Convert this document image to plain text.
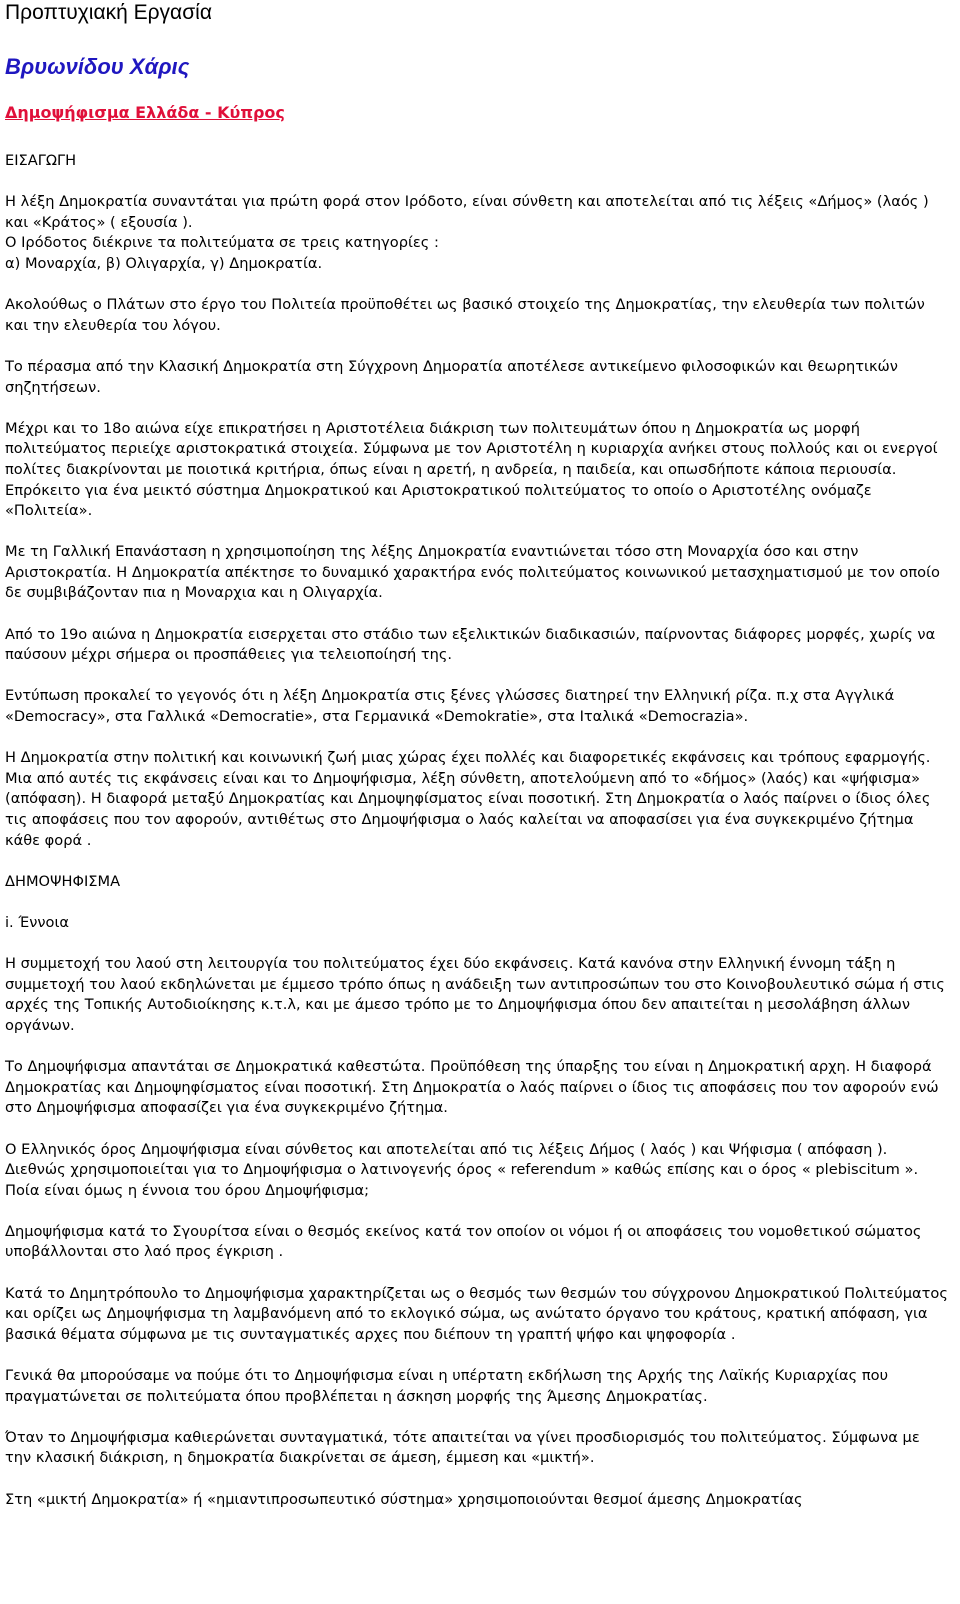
Προπτυχιακή Εργασία
Βρυωνίδου Χάρις
Δημοψήφισμα Ελλάδα - Κύπρος

ΕΙΣΑΓΩΓΗ

Η λέξη Δημοκρατία συναντάται για πρώτη φορά στον Ιρόδοτο, είναι σύνθετη και αποτελείται από τις λέξεις «Δήμος» (λαός ) και «Κράτος» ( εξουσία ).
Ο Ιρόδοτος διέκρινε τα πολιτεύματα σε τρεις κατηγορίες :
α) Μοναρχία, β) Ολιγαρχία, γ) Δημοκρατία.

Ακολούθως ο Πλάτων στο έργο του Πολιτεία προϋποθέτει ως βασικό στοιχείο της Δημοκρατίας, την ελευθερία των πολιτών και την ελευθερία του λόγου.

Το πέρασμα από την Κλασική Δημοκρατία στη Σύγχρονη Δημορατία αποτέλεσε αντικείμενο φιλοσοφικών και θεωρητικών σηζητήσεων.

Μέχρι και το 18ο αιώνα είχε επικρατήσει η Αριστοτέλεια διάκριση των πολιτευμάτων όπου η Δημοκρατία ως μορφή πολιτεύματος περιείχε αριστοκρατικά στοιχεία. Σύμφωνα με τον Αριστοτέλη η κυριαρχία ανήκει στους πολλούς και οι ενεργοί πολίτες διακρίνονται με ποιοτικά κριτήρια, όπως είναι η αρετή, η ανδρεία, η παιδεία, και οπωσδήποτε κάποια περιουσία. Επρόκειτο για ένα μεικτό σύστημα Δημοκρατικού και Αριστοκρατικού πολιτεύματος το οποίο ο Αριστοτέλης ονόμαζε «Πολιτεία».

Με τη Γαλλική Επανάσταση η χρησιμοποίηση της λέξης Δημοκρατία εναντιώνεται τόσο στη Μοναρχία όσο και στην Αριστοκρατία. Η Δημοκρατία απέκτησε το δυναμικό χαρακτήρα ενός πολιτεύματος κοινωνικού μετασχηματισμού με τον οποίο δε συμβιβάζονταν πια η Μοναρχια και η Ολιγαρχία.

Από το 19ο αιώνα η Δημοκρατία εισερχεται στο στάδιο των εξελικτικών διαδικασιών, παίρνοντας διάφορες μορφές, χωρίς να παύσουν μέχρι σήμερα οι προσπάθειες για τελειοποίησή της.

Εντύπωση προκαλεί το γεγονός ότι η λέξη Δημοκρατία στις ξένες γλώσσες διατηρεί την Ελληνική ρίζα. π.χ στα Αγγλικά «Democracy», στα Γαλλικά «Democratie», στα Γερμανικά «Demokratie», στα Ιταλικά «Democrazia».

Η Δημοκρατία στην πολιτική και κοινωνική ζωή μιας χώρας έχει πολλές και διαφορετικές εκφάνσεις και τρόπους εφαρμογής. Μια από αυτές τις εκφάνσεις είναι και το Δημοψήφισμα, λέξη σύνθετη, αποτελούμενη από το «δήμος» (λαός) και «ψήφισμα» (απόφαση). Η διαφορά μεταξύ Δημοκρατίας και Δημοψηφίσματος είναι ποσοτική. Στη Δημοκρατία ο λαός παίρνει ο ίδιος όλες τις αποφάσεις που τον αφορούν, αντιθέτως στο Δημοψήφισμα ο λαός καλείται να αποφασίσει για ένα συγκεκριμένο ζήτημα κάθε φορά .

ΔΗΜΟΨΗΦΙΣΜΑ

i. Έννοια

Η συμμετοχή του λαού στη λειτουργία του πολιτεύματος έχει δύο εκφάνσεις. Κατά κανόνα στην Ελληνική έννομη τάξη η συμμετοχή του λαού εκδηλώνεται με έμμεσο τρόπο όπως η ανάδειξη των αντιπροσώπων του στο Κοινοβουλευτικό σώμα ή στις αρχές της Τοπικής Αυτοδιοίκησης κ.τ.λ, και με άμεσο τρόπο με το Δημοψήφισμα όπου δεν απαιτείται η μεσολάβηση άλλων οργάνων.

Το Δημοψήφισμα απαντάται σε Δημοκρατικά καθεστώτα. Προϋπόθεση της ύπαρξης του είναι η Δημοκρατική αρχη. Η διαφορά Δημοκρατίας και Δημοψηφίσματος είναι ποσοτική. Στη Δημοκρατία ο λαός παίρνει ο ίδιος τις αποφάσεις που τον αφορούν ενώ στο Δημοψήφισμα αποφασίζει για ένα συγκεκριμένο ζήτημα.

Ο Ελληνικός όρος Δημοψήφισμα είναι σύνθετος και αποτελείται από τις λέξεις Δήμος ( λαός ) και Ψήφισμα ( απόφαση ). Διεθνώς χρησιμοποιείται για το Δημοψήφισμα ο λατινογενής όρος « referendum » καθώς επίσης και ο όρος « plebiscitum ». Ποία είναι όμως η έννοια του όρου Δημοψήφισμα;

Δημοψήφισμα κατά το Σγουρίτσα είναι ο θεσμός εκείνος κατά τον οποίον οι νόμοι ή οι αποφάσεις του νομοθετικού σώματος υποβάλλονται στο λαό προς έγκριση .

Κατά το Δημητρόπουλο το Δημοψήφισμα χαρακτηρίζεται ως ο θεσμός των θεσμών του σύγχρονου Δημοκρατικού Πολιτεύματος και ορίζει ως Δημοψήφισμα τη λαμβανόμενη από το εκλογικό σώμα, ως ανώτατο όργανο του κράτους, κρατική απόφαση, για βασικά θέματα σύμφωνα με τις συνταγματικές αρχες που διέπουν τη γραπτή ψήφο και ψηφοφορία .

Γενικά θα μπορούσαμε να πούμε ότι το Δημοψήφισμα είναι η υπέρτατη εκδήλωση της Αρχής της Λαϊκής Κυριαρχίας που πραγματώνεται σε πολιτεύματα όπου προβλέπεται η άσκηση μορφής της Άμεσης Δημοκρατίας.

Όταν το Δημοψήφισμα καθιερώνεται συνταγματικά, τότε απαιτείται να γίνει προσδιορισμός του πολιτεύματος. Σύμφωνα με την κλασική διάκριση, η δημοκρατία διακρίνεται σε άμεση, έμμεση και «μικτή».

Στη «μικτή Δημοκρατία» ή «ημιαντιπροσωπευτικό σύστημα» χρησιμοποιούνται θεσμοί άμεσης Δημοκρατίας
